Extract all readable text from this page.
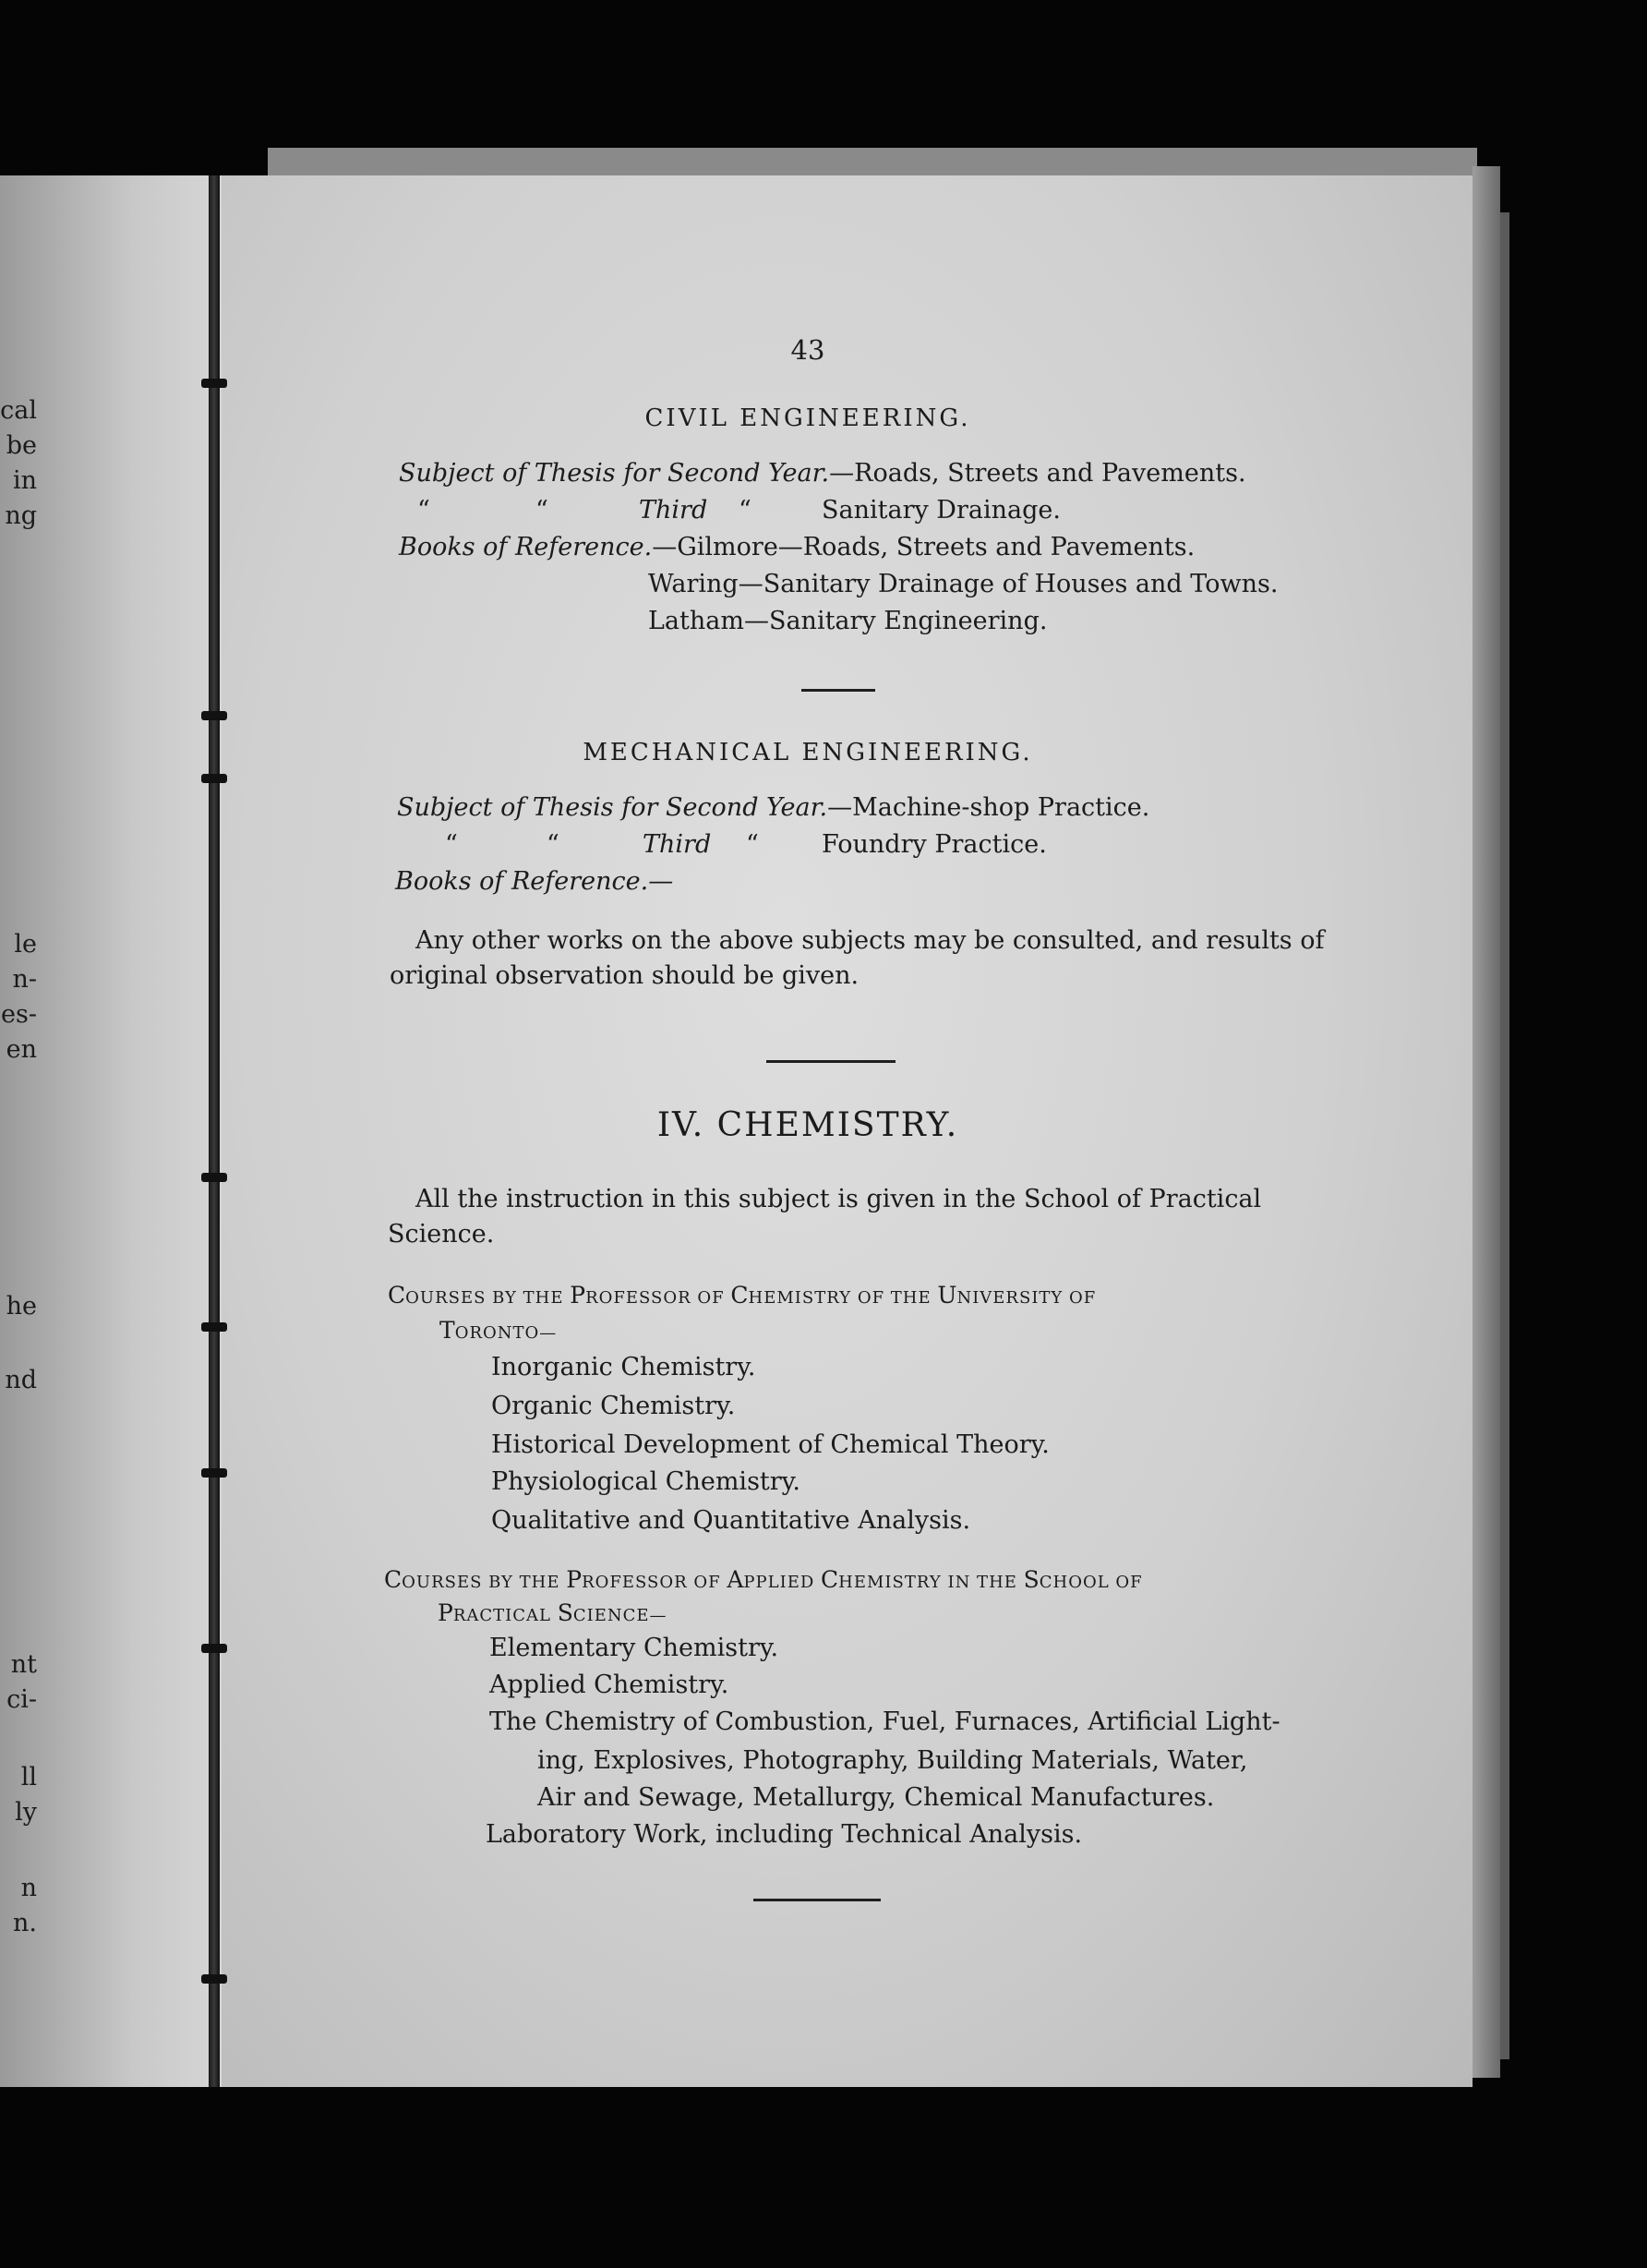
cal
be
in
ng
le
n-
es-
en
he
nd
nt
ci-
ll
ly
n
n.
43
CIVIL ENGINEERING.
Subject of Thesis for Second Year.—Roads, Streets and Pavements.
“	“	Third “	Sanitary Drainage.
Books of Reference.—Gilmore—Roads, Streets and Pavements.
Waring—Sanitary Drainage of Houses and Towns.
Latham—Sanitary Engineering.
MECHANICAL ENGINEERING.
Subject of Thesis for Second Year.—Machine-shop Practice.
“	“	Third “	Foundry Practice.
Books of Reference.—
Any other works on the above subjects may be consulted, and results of
original observation should be given.
IV. CHEMISTRY.
All the instruction in this subject is given in the School of Practical
Science.
COURSES BY THE PROFESSOR OF CHEMISTRY OF THE UNIVERSITY OF
TORONTO—
Inorganic Chemistry.
Organic Chemistry.
Historical Development of Chemical Theory.
Physiological Chemistry.
Qualitative and Quantitative Analysis.
COURSES BY THE PROFESSOR OF APPLIED CHEMISTRY IN THE SCHOOL OF
PRACTICAL SCIENCE—
Elementary Chemistry.
Applied Chemistry.
The Chemistry of Combustion, Fuel, Furnaces, Artificial Light-
ing, Explosives, Photography, Building Materials, Water,
Air and Sewage, Metallurgy, Chemical Manufactures.
Laboratory Work, including Technical Analysis.
